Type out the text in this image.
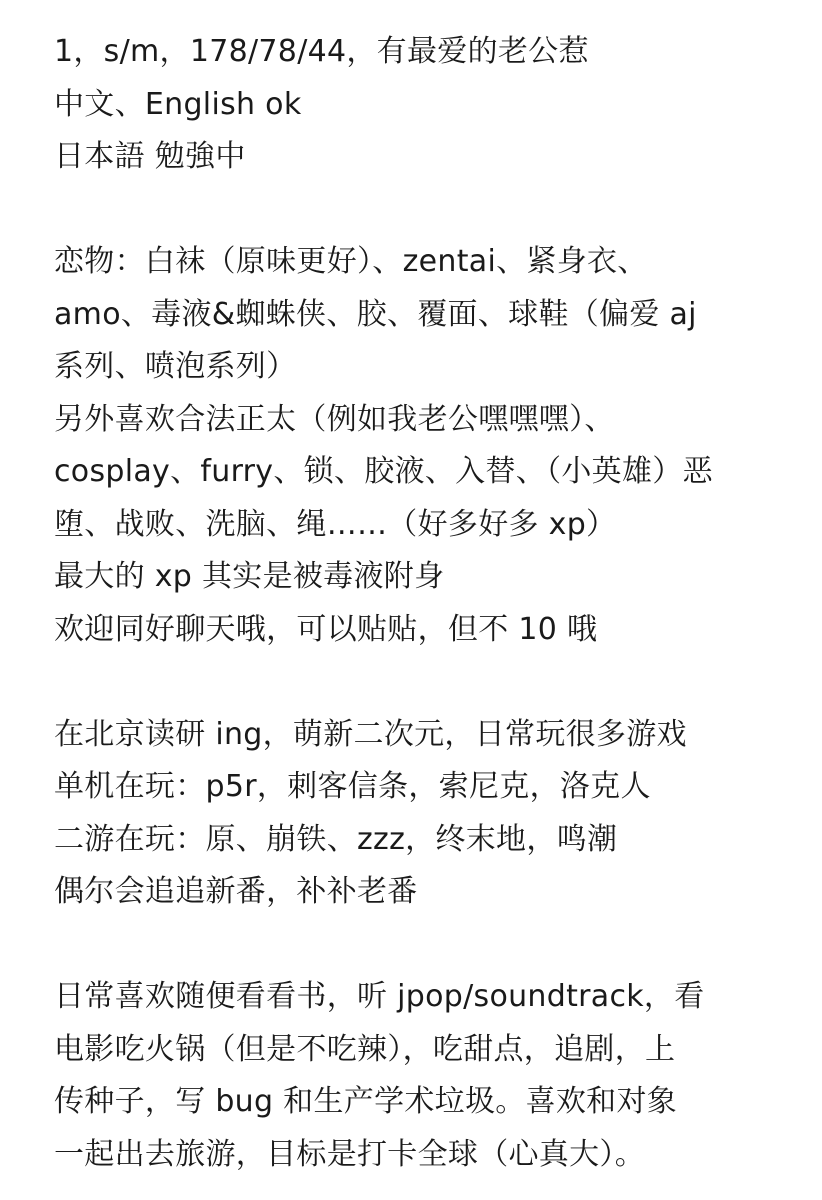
1，s/m，178/78/44，有最爱的老公惹
中文、English ok
日本語 勉強中
恋物：白袜（原味更好）、zentai、紧身衣、
amo、毒液&蜘蛛侠、胶、覆面、球鞋（偏爱 aj
系列、喷泡系列）
另外喜欢合法正太（例如我老公嘿嘿嘿）、
cosplay、furry、锁、胶液、入替、（小英雄）恶
堕、战败、洗脑、绳……（好多好多 xp）
最大的 xp 其实是被毒液附身
欢迎同好聊天哦，可以贴贴，但不 10 哦
在北京读研 ing，萌新二次元，日常玩很多游戏
单机在玩：p5r，刺客信条，索尼克，洛克人
二游在玩：原、崩铁、zzz，终末地，鸣潮
偶尔会追追新番，补补老番
日常喜欢随便看看书，听 jpop/soundtrack，看
电影吃火锅（但是不吃辣），吃甜点，追剧，上
传种子，写 bug 和生产学术垃圾。喜欢和对象
一起出去旅游，目标是打卡全球（心真大）。
